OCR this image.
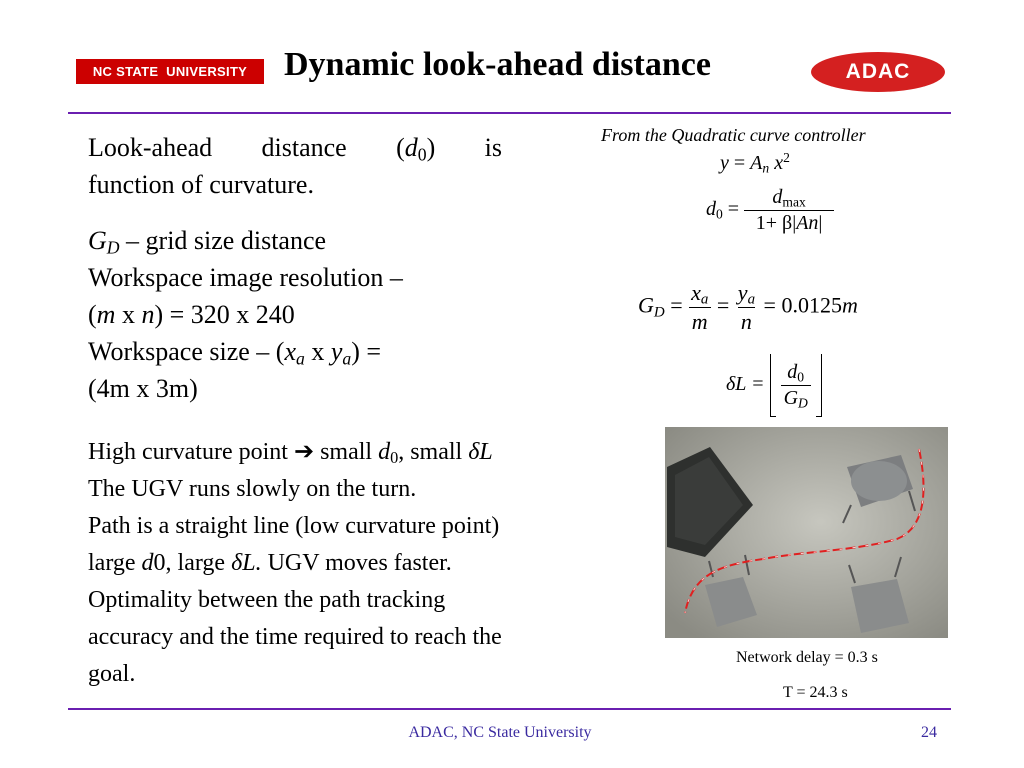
NC STATE  UNIVERSITY Dynamic look-ahead distance	ADAC
Look-ahead distance $(d_0)$ is
function of curvature.
$G_D$ – grid size distance
Workspace image resolution –
(m x n) = 320 x 240
Workspace size – ($x_a$ x $y_a$) =
(4m x 3m)
High curvature point ➔ small $d_0$, small δL
The UGV runs slowly on the turn.
Path is a straight line (low curvature point)
large d0, large δL. UGV moves faster.
Optimality between the path tracking
accuracy and the time required to reach the
goal.
From the Quadratic curve controller
$y = A_n$ $x^2$
$d_0 = \frac{d_{max}}{1+ \beta|An|}$
$G_D = \frac{x_a}{m} = \frac{y_a}{n} = 0.0125m$
$\delta L = \frac{d_0}{G_D}$

Network delay = 0.3 s
T = 24.3 s
ADAC, NC State University	24
